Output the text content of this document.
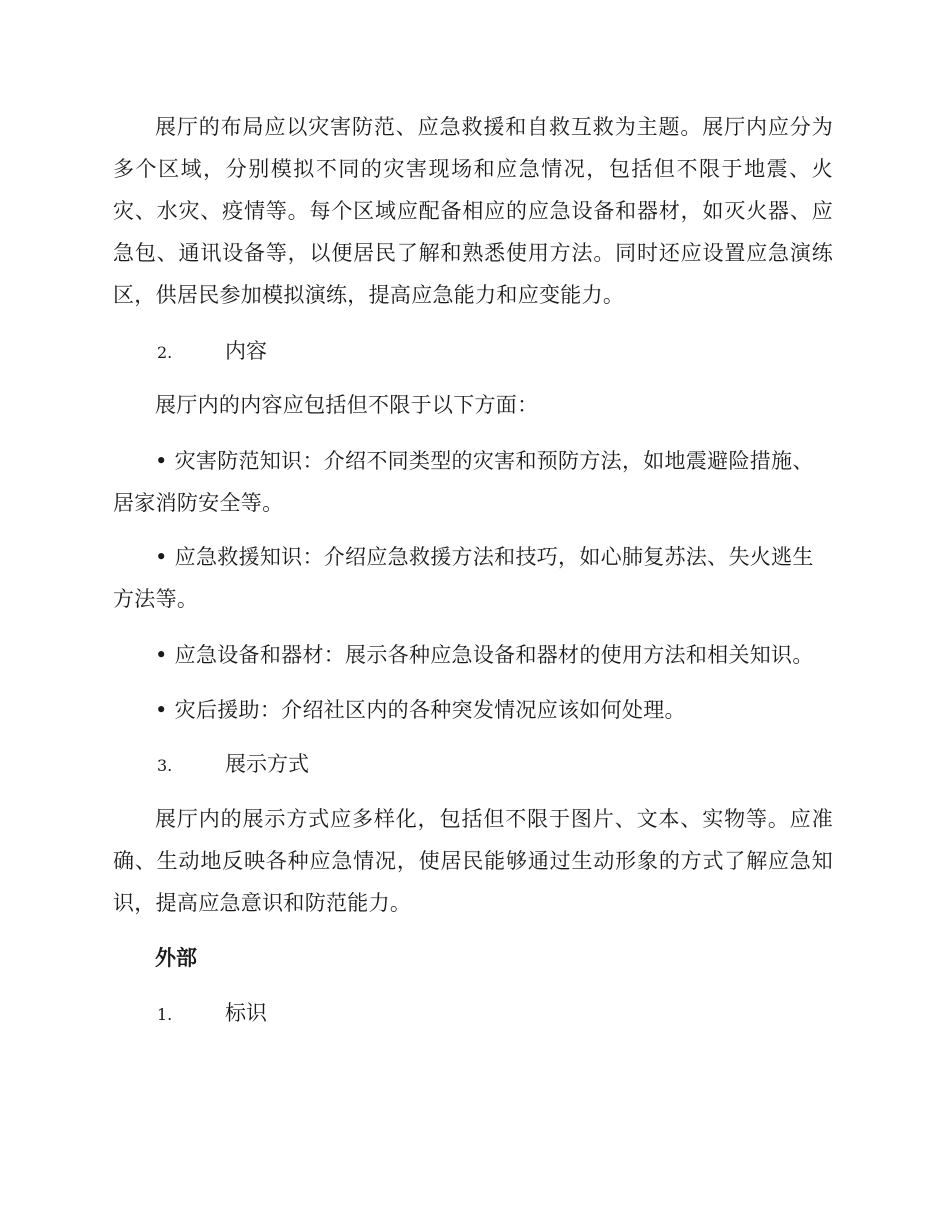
展厅的布局应以灾害防范、应急救援和自救互救为主题。展厅内应分为多个区域，分别模拟不同的灾害现场和应急情况，包括但不限于地震、火灾、水灾、疫情等。每个区域应配备相应的应急设备和器材，如灭火器、应急包、通讯设备等，以便居民了解和熟悉使用方法。同时还应设置应急演练区，供居民参加模拟演练，提高应急能力和应变能力。

2.	内容

展厅内的内容应包括但不限于以下方面：

• 灾害防范知识：介绍不同类型的灾害和预防方法，如地震避险措施、居家消防安全等。

• 应急救援知识：介绍应急救援方法和技巧，如心肺复苏法、失火逃生方法等。

• 应急设备和器材：展示各种应急设备和器材的使用方法和相关知识。

• 灾后援助：介绍社区内的各种突发情况应该如何处理。

3.	展示方式

展厅内的展示方式应多样化，包括但不限于图片、文本、实物等。应准确、生动地反映各种应急情况，使居民能够通过生动形象的方式了解应急知识，提高应急意识和防范能力。

外部

1.	标识
